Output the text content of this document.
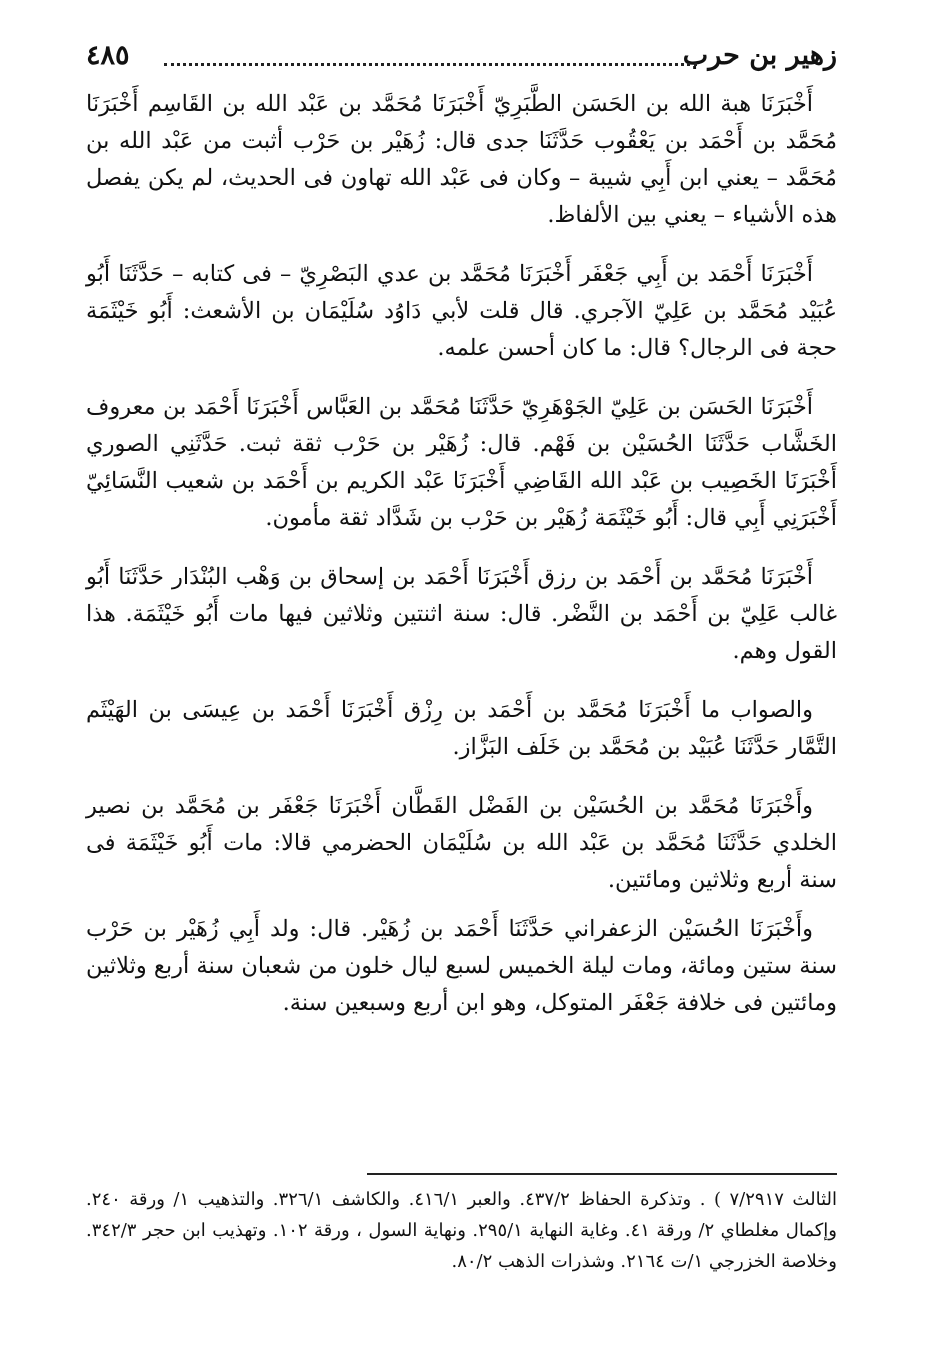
زهير بن حرب
٤٨٥

أَخْبَرَنَا هبة الله بن الحَسَن الطَّبَرِيّ أَخْبَرَنَا مُحَمَّد بن عَبْد الله بن القَاسِم أَخْبَرَنَا مُحَمَّد بن أَحْمَد بن يَعْقُوب حَدَّثَنَا جدى قال: زُهَيْر بن حَرْب أثبت من عَبْد الله بن مُحَمَّد – يعني ابن أَبِي شيبة – وكان فى عَبْد الله تهاون فى الحديث، لم يكن يفصل هذه الأشياء – يعني بين الألفاظ.

أَخْبَرَنَا أَحْمَد بن أَبِي جَعْفَر أَخْبَرَنَا مُحَمَّد بن عدي البَصْرِيّ – فى كتابه – حَدَّثَنَا أَبُو عُبَيْد مُحَمَّد بن عَلِيّ الآجري. قال قلت لأبي دَاوُد سُلَيْمَان بن الأشعث: أَبُو خَيْثَمَة حجة فى الرجال؟ قال: ما كان أحسن علمه.

أَخْبَرَنَا الحَسَن بن عَلِيّ الجَوْهَرِيّ حَدَّثَنَا مُحَمَّد بن العَبَّاس أَخْبَرَنَا أَحْمَد بن معروف الخَشَّاب حَدَّثَنَا الحُسَيْن بن فَهْم. قال: زُهَيْر بن حَرْب ثقة ثبت. حَدَّثَنِي الصوري أَخْبَرَنَا الخَصِيب بن عَبْد الله القَاضِي أَخْبَرَنَا عَبْد الكريم بن أَحْمَد بن شعيب النَّسَائِيّ أَخْبَرَنِي أَبِي قال: أَبُو خَيْثَمَة زُهَيْر بن حَرْب بن شَدَّاد ثقة مأمون.

أَخْبَرَنَا مُحَمَّد بن أَحْمَد بن رزق أَخْبَرَنَا أَحْمَد بن إسحاق بن وَهْب البُنْدَار حَدَّثَنَا أَبُو غالب عَلِيّ بن أَحْمَد بن النَّضْر. قال: سنة اثنتين وثلاثين فيها مات أَبُو خَيْثَمَة. هذا القول وهم.

والصواب ما أَخْبَرَنَا مُحَمَّد بن أَحْمَد بن رِزْق أَخْبَرَنَا أَحْمَد بن عِيسَى بن الهَيْثَم التَّمَّار حَدَّثَنَا عُبَيْد بن مُحَمَّد بن خَلَف البَزَّاز.

وأَخْبَرَنَا مُحَمَّد بن الحُسَيْن بن الفَضْل القَطَّان أَخْبَرَنَا جَعْفَر بن مُحَمَّد بن نصير الخلدي حَدَّثَنَا مُحَمَّد بن عَبْد الله بن سُلَيْمَان الحضرمي قالا: مات أَبُو خَيْثَمَة فى سنة أربع وثلاثين ومائتين.

وأَخْبَرَنَا الحُسَيْن الزعفراني حَدَّثَنَا أَحْمَد بن زُهَيْر. قال: ولد أَبِي زُهَيْر بن حَرْب سنة ستين ومائة، ومات ليلة الخميس لسبع ليال خلون من شعبان سنة أربع وثلاثين ومائتين فى خلافة جَعْفَر المتوكل، وهو ابن أربع وسبعين سنة.

الثالث ٧/٢٩١٧ ) . وتذكرة الحفاظ ٤٣٧/٢. والعبر ٤١٦/١. والكاشف ٣٢٦/١. والتذهيب ١/ ورقة ٢٤٠. وإكمال مغلطاي ٢/ ورقة ٤١. وغاية النهاية ٢٩٥/١. ونهاية السول ، ورقة ١٠٢. وتهذيب ابن حجر ٣٤٢/٣. وخلاصة الخزرجي ١/ت ٢١٦٤. وشذرات الذهب ٨٠/٢.
